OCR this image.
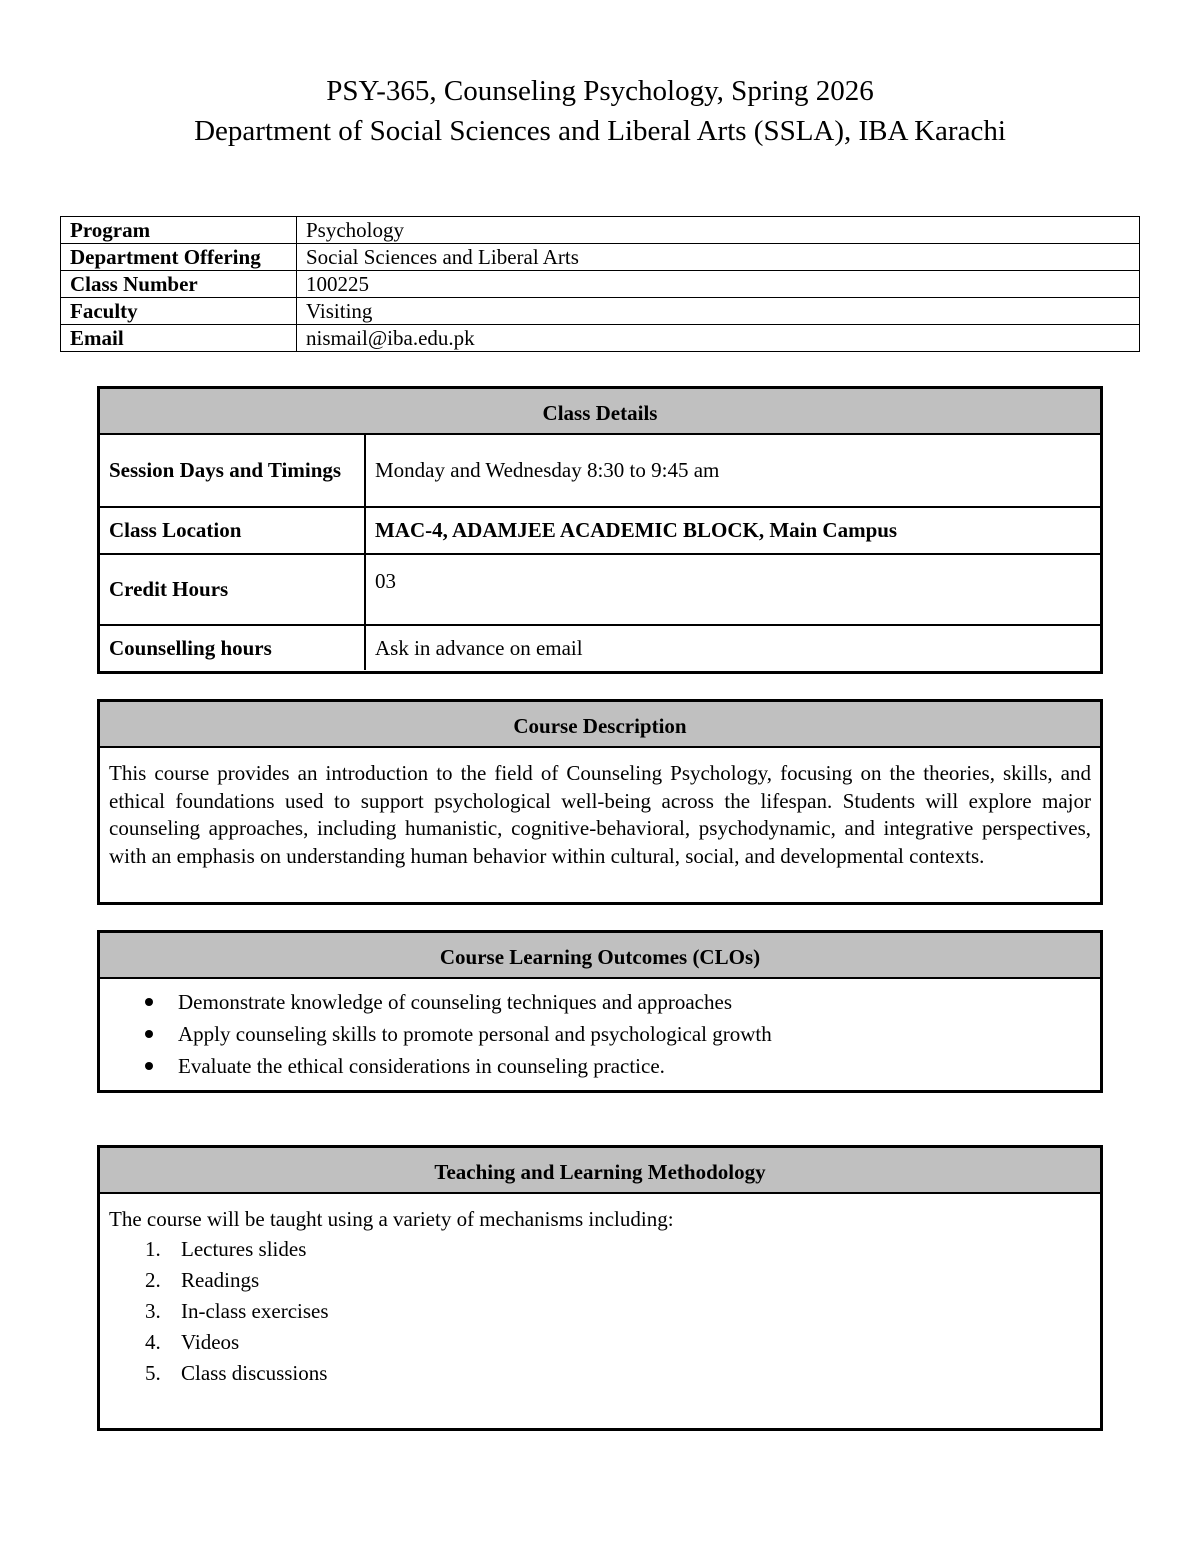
PSY-365, Counseling Psychology, Spring 2026
Department of Social Sciences and Liberal Arts (SSLA), IBA Karachi
Program	Psychology
Department Offering	Social Sciences and Liberal Arts
Class Number	100225
Faculty	Visiting
Email	nismail@iba.edu.pk
Class Details
Session Days and Timings	Monday and Wednesday 8:30 to 9:45 am
Class Location	MAC-4, ADAMJEE ACADEMIC BLOCK, Main Campus
Credit Hours	03
Counselling hours	Ask in advance on email
Course Description
This course provides an introduction to the field of Counseling Psychology, focusing on the theories, skills, and ethical foundations used to support psychological well-being across the lifespan. Students will explore major counseling approaches, including humanistic, cognitive-behavioral, psychodynamic, and integrative perspectives, with an emphasis on understanding human behavior within cultural, social, and developmental contexts.
Course Learning Outcomes (CLOs)
Demonstrate knowledge of counseling techniques and approaches
Apply counseling skills to promote personal and psychological growth
Evaluate the ethical considerations in counseling practice.
Teaching and Learning Methodology
The course will be taught using a variety of mechanisms including:
1. Lectures slides
2. Readings
3. In-class exercises
4. Videos
5. Class discussions
